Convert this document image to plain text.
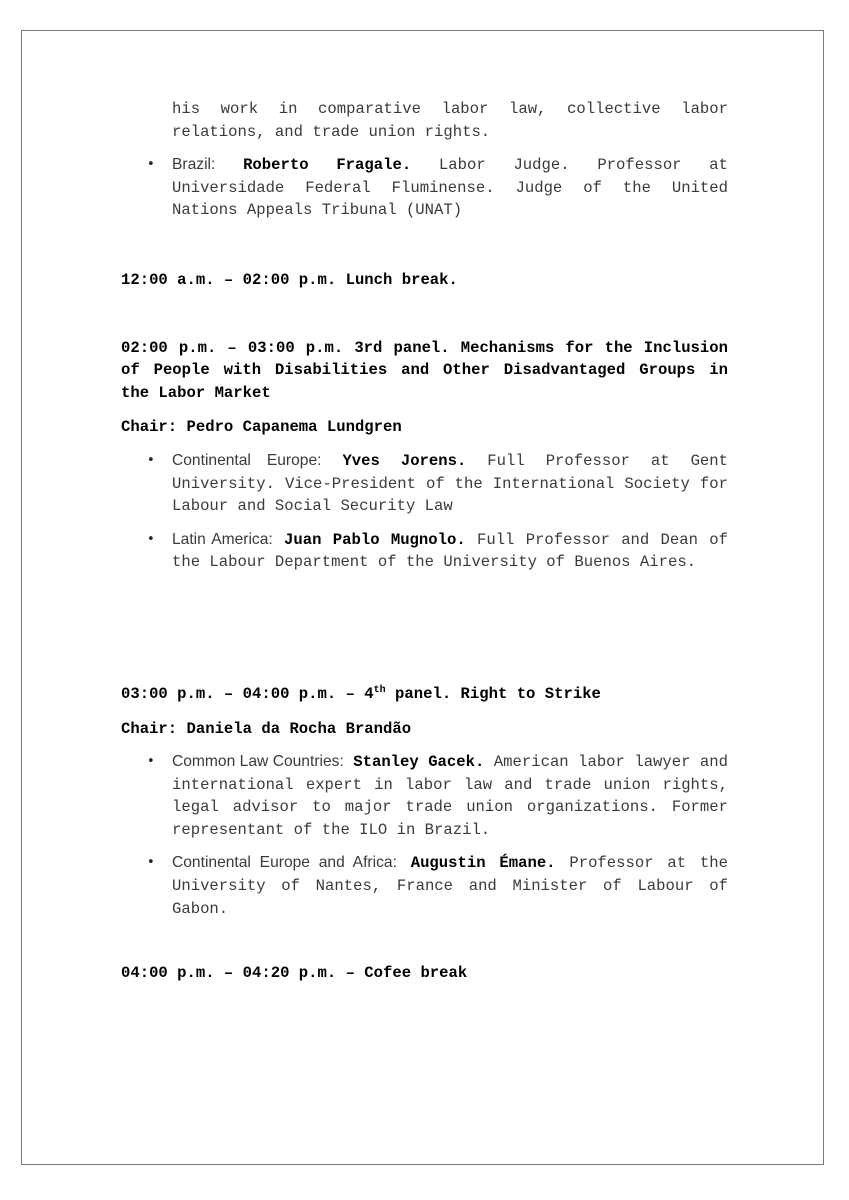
his work in comparative labor law, collective labor relations, and trade union rights.

• Brazil: Roberto Fragale. Labor Judge. Professor at Universidade Federal Fluminense. Judge of the United Nations Appeals Tribunal (UNAT)

12:00 a.m. – 02:00 p.m. Lunch break.

02:00 p.m. – 03:00 p.m. 3rd panel. Mechanisms for the Inclusion of People with Disabilities and Other Disadvantaged Groups in the Labor Market

Chair: Pedro Capanema Lundgren

• Continental Europe: Yves Jorens. Full Professor at Gent University. Vice-President of the International Society for Labour and Social Security Law
• Latin America: Juan Pablo Mugnolo. Full Professor and Dean of the Labour Department of the University of Buenos Aires.

03:00 p.m. – 04:00 p.m. – 4th panel. Right to Strike

Chair: Daniela da Rocha Brandão

• Common Law Countries: Stanley Gacek. American labor lawyer and international expert in labor law and trade union rights, legal advisor to major trade union organizations. Former representant of the ILO in Brazil.
• Continental Europe and Africa: Augustin Émane. Professor at the University of Nantes, France and Minister of Labour of Gabon.

04:00 p.m. – 04:20 p.m. – Cofee break
